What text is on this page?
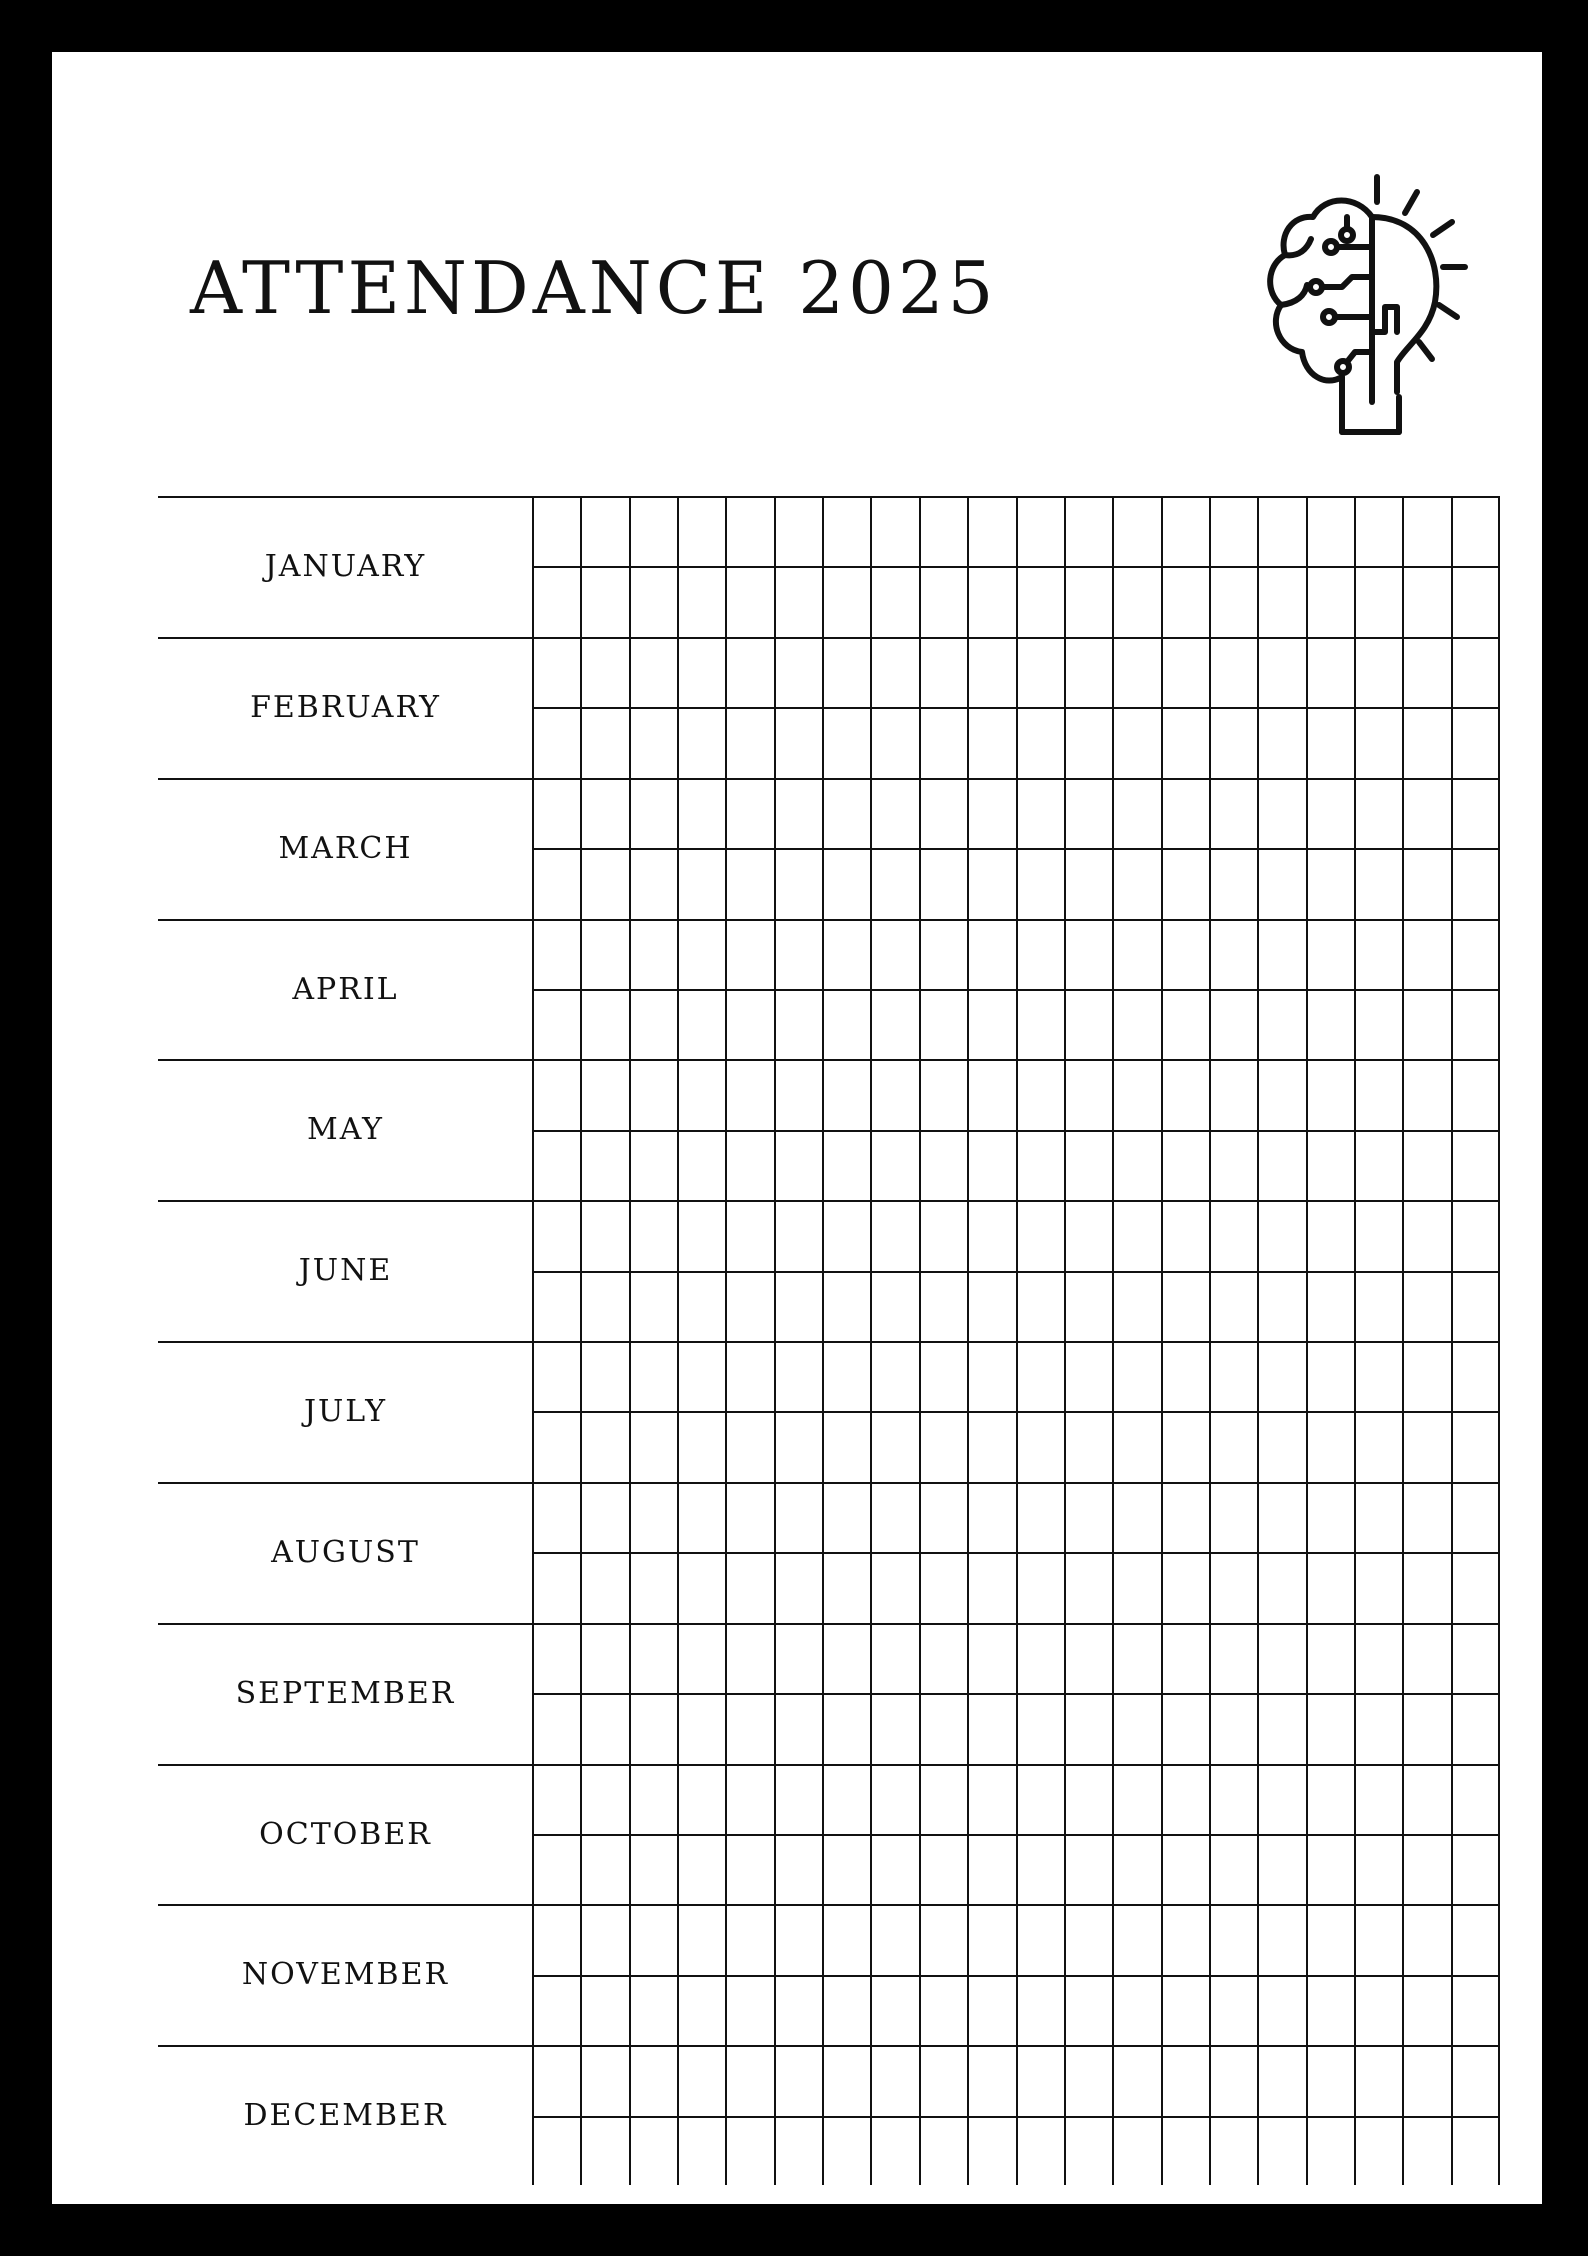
ATTENDANCE 2025
JANUARY
FEBRUARY
MARCH
APRIL
MAY
JUNE
JULY
AUGUST
SEPTEMBER
OCTOBER
NOVEMBER
DECEMBER
